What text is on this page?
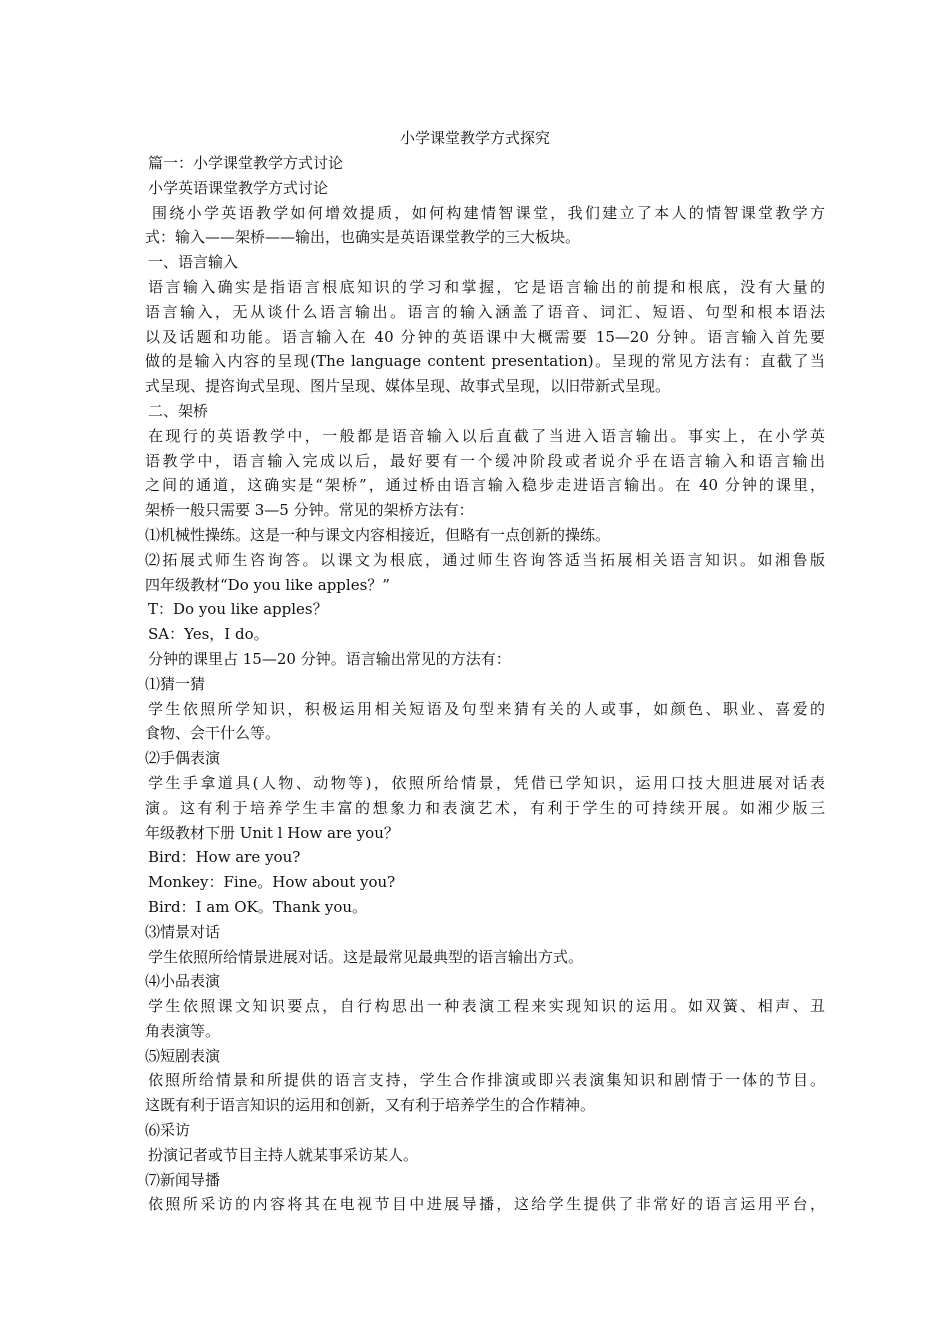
小学课堂教学方式探究
篇一：小学课堂教学方式讨论
小学英语课堂教学方式讨论
围绕小学英语教学如何增效提质，如何构建情智课堂，我们建立了本人的情智课堂教学方
式：输入——架桥——输出，也确实是英语课堂教学的三大板块。
一、语言输入
语言输入确实是指语言根底知识的学习和掌握，它是语言输出的前提和根底，没有大量的
语言输入，无从谈什么语言输出。语言的输入涵盖了语音、词汇、短语、句型和根本语法
以及话题和功能。语言输入在 40 分钟的英语课中大概需要 15—20 分钟。语言输入首先要
做的是输入内容的呈现(The language content presentation)。呈现的常见方法有：直截了当
式呈现、提咨询式呈现、图片呈现、媒体呈现、故事式呈现，以旧带新式呈现。
二、架桥
在现行的英语教学中，一般都是语音输入以后直截了当进入语言输出。事实上，在小学英
语教学中，语言输入完成以后，最好要有一个缓冲阶段或者说介乎在语言输入和语言输出
之间的通道，这确实是“架桥”，通过桥由语言输入稳步走进语言输出。在 40 分钟的课里，
架桥一般只需要 3—5 分钟。常见的架桥方法有：
⑴机械性操练。这是一种与课文内容相接近，但略有一点创新的操练。
⑵拓展式师生咨询答。以课文为根底，通过师生咨询答适当拓展相关语言知识。如湘鲁版
四年级教材“Do you like apples？”
T：Do you like apples？
SA：Yes，I do。
分钟的课里占 15—20 分钟。语言输出常见的方法有：
⑴猜一猜
学生依照所学知识，积极运用相关短语及句型来猜有关的人或事，如颜色、职业、喜爱的
食物、会干什么等。
⑵手偶表演
学生手拿道具(人物、动物等)，依照所给情景，凭借已学知识，运用口技大胆进展对话表
演。这有利于培养学生丰富的想象力和表演艺术，有利于学生的可持续开展。如湘少版三
年级教材下册 Unit l How are you？
Bird：How are you?
Monkey：Fine。How about you?
Bird：I am OK。Thank you。
⑶情景对话
学生依照所给情景进展对话。这是最常见最典型的语言输出方式。
⑷小品表演
学生依照课文知识要点，自行构思出一种表演工程来实现知识的运用。如双簧、相声、丑
角表演等。
⑸短剧表演
依照所给情景和所提供的语言支持，学生合作排演或即兴表演集知识和剧情于一体的节目。
这既有利于语言知识的运用和创新，又有利于培养学生的合作精神。
⑹采访
扮演记者或节目主持人就某事采访某人。
⑺新闻导播
依照所采访的内容将其在电视节目中进展导播，这给学生提供了非常好的语言运用平台，
